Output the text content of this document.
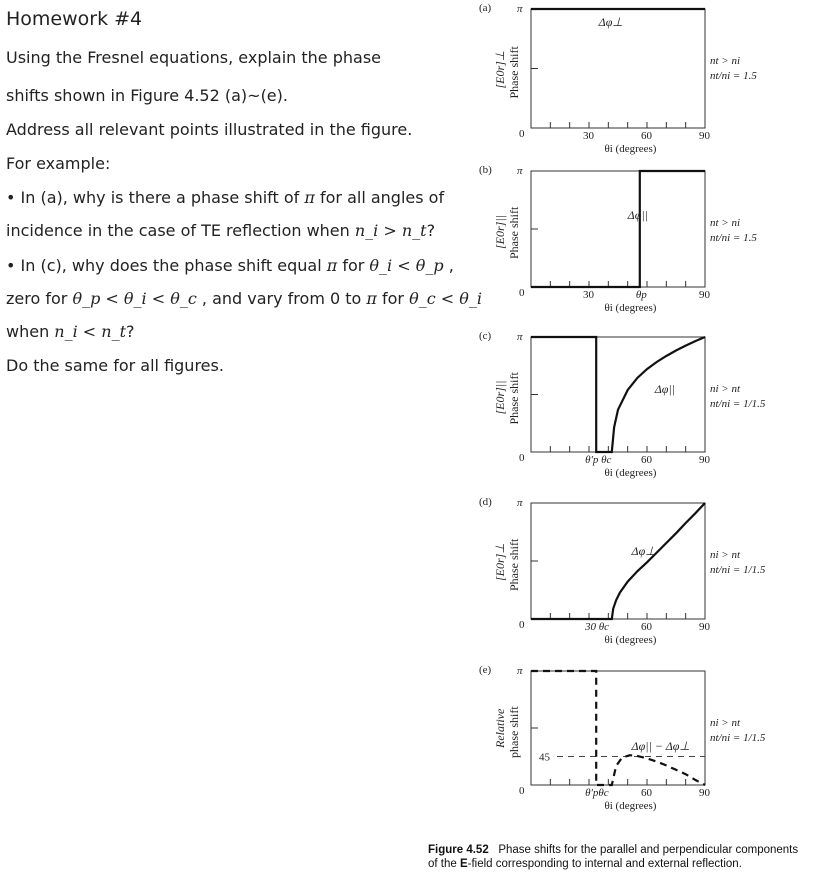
Homework #4
Using the Fresnel equations, explain the phase
shifts shown in Figure 4.52 (a)~(e).
Address all relevant points illustrated in the figure.
For example:
• In (a), why is there a phase shift of π for all angles of
incidence in the case of TE reflection when n_i > n_t?
• In (c), why does the phase shift equal π for θ_i < θ_p ,
zero for θ_p < θ_i < θ_c , and vary from 0 to π for θ_c < θ_i
when n_i < n_t?
Do the same for all figures.
π
0	30	60	90
θi (degrees)
(a)
[E0r]⊥ Phase shift	nt > ni
nt/ni = 1.5
Δφ⊥
π
0	30	θp	90
θi (degrees)
(b)
[E0r]|| Phase shift	nt > ni
nt/ni = 1.5
Δφ||
π
0	θ'p θc	60	90
θi (degrees)
(c)
[E0r]|| Phase shift	ni > nt
nt/ni = 1/1.5
Δφ||
π
0	30 θc	60	90
θi (degrees)
(d)
[E0r]⊥ Phase shift	ni > nt
nt/ni = 1/1.5
Δφ⊥
π
0	θ'pθc	60	90
θi (degrees)
(e)
Relative phase shift	ni > nt
nt/ni = 1/1.5
45
Δφ|| − Δφ⊥
Figure 4.52 Phase shifts for the parallel and perpendicular components
of the E-field corresponding to internal and external reflection.
